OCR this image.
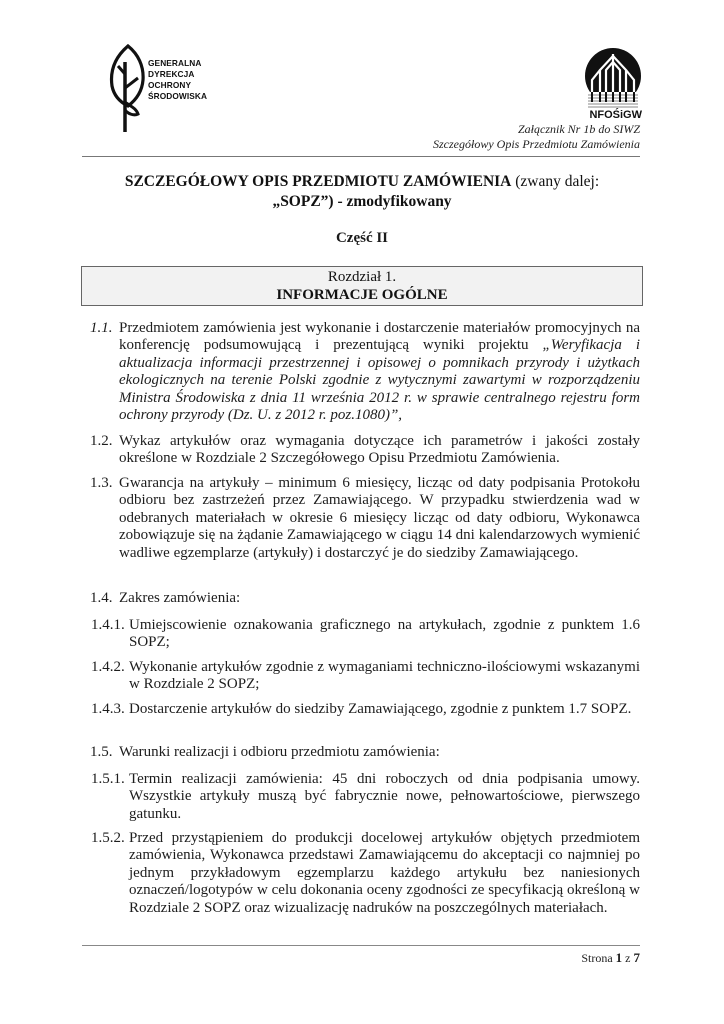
GENERALNA
DYREKCJA
OCHRONY
ŚRODOWISKA
NFOŚiGW
Załącznik Nr 1b do SIWZ
Szczegółowy Opis Przedmiotu Zamówienia
SZCZEGÓŁOWY OPIS PRZEDMIOTU ZAMÓWIENIA (zwany dalej:
„SOPZ”) - zmodyfikowany
Część II
Rozdział 1.
INFORMACJE OGÓLNE
1.1. Przedmiotem zamówienia jest wykonanie i dostarczenie materiałów promocyjnych na konferencję podsumowującą i prezentującą wyniki projektu „Weryfikacja i aktualizacja informacji przestrzennej i opisowej o pomnikach przyrody i użytkach ekologicznych na terenie Polski zgodnie z wytycznymi zawartymi w rozporządzeniu Ministra Środowiska z dnia 11 września 2012 r. w sprawie centralnego rejestru form ochrony przyrody (Dz. U. z 2012 r. poz.1080)”,
1.2. Wykaz artykułów oraz wymagania dotyczące ich parametrów i jakości zostały określone w Rozdziale 2 Szczegółowego Opisu Przedmiotu Zamówienia.
1.3. Gwarancja na artykuły – minimum 6 miesięcy, licząc od daty podpisania Protokołu odbioru bez zastrzeżeń przez Zamawiającego. W przypadku stwierdzenia wad w odebranych materiałach w okresie 6 miesięcy licząc od daty odbioru, Wykonawca zobowiązuje się na żądanie Zamawiającego w ciągu 14 dni kalendarzowych wymienić wadliwe egzemplarze (artykuły) i dostarczyć je do siedziby Zamawiającego.
1.4. Zakres zamówienia:
1.4.1. Umiejscowienie oznakowania graficznego na artykułach, zgodnie z punktem 1.6 SOPZ;
1.4.2. Wykonanie artykułów zgodnie z wymaganiami techniczno-ilościowymi wskazanymi w Rozdziale 2 SOPZ;
1.4.3. Dostarczenie artykułów do siedziby Zamawiającego, zgodnie z punktem 1.7 SOPZ.
1.5. Warunki realizacji i odbioru przedmiotu zamówienia:
1.5.1. Termin realizacji zamówienia: 45 dni roboczych od dnia podpisania umowy. Wszystkie artykuły muszą być fabrycznie nowe, pełnowartościowe, pierwszego gatunku.
1.5.2. Przed przystąpieniem do produkcji docelowej artykułów objętych przedmiotem zamówienia, Wykonawca przedstawi Zamawiającemu do akceptacji co najmniej po jednym przykładowym egzemplarzu każdego artykułu bez naniesionych oznaczeń/logotypów w celu dokonania oceny zgodności ze specyfikacją określoną w Rozdziale 2 SOPZ oraz wizualizację nadruków na poszczególnych materiałach.
Strona 1 z 7
